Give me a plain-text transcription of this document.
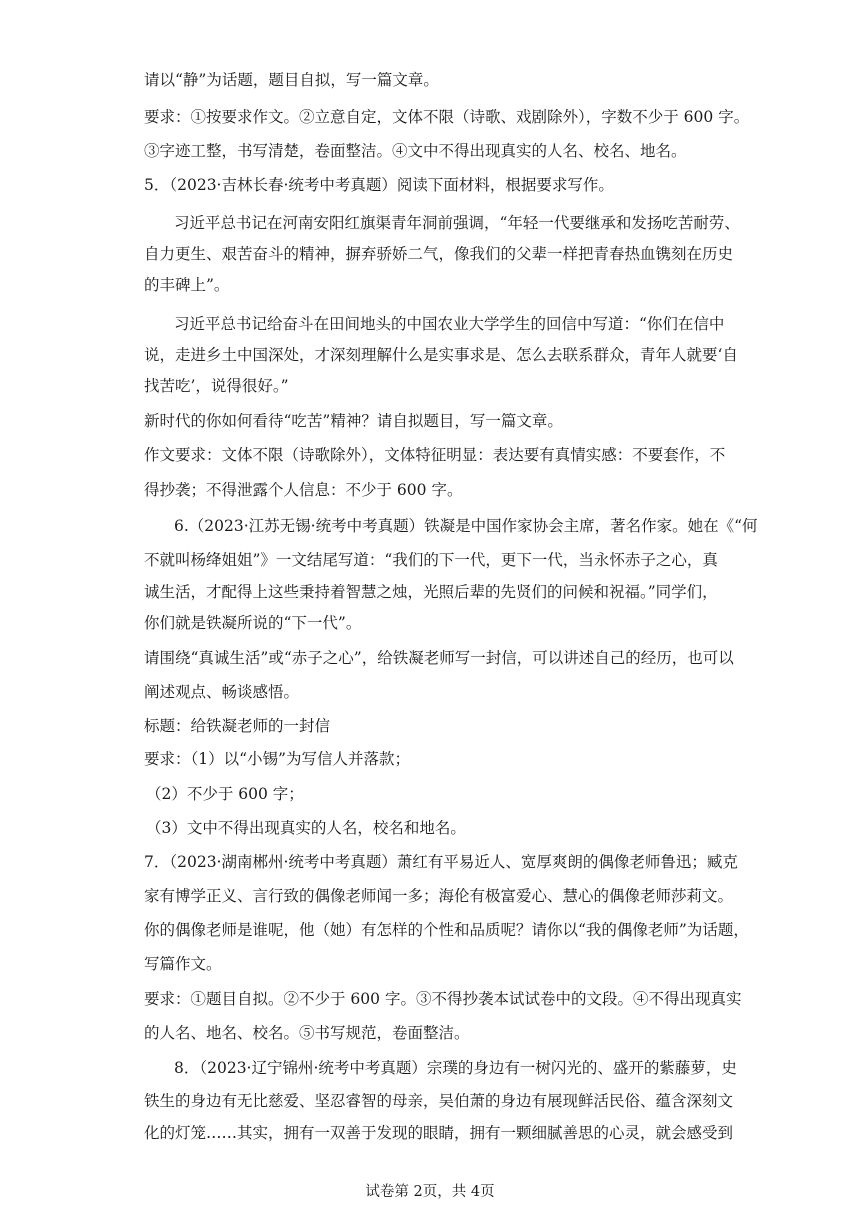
请以“静”为话题，题目自拟，写一篇文章。
要求：①按要求作文。②立意自定，文体不限（诗歌、戏剧除外），字数不少于 600 字。
③字迹工整，书写清楚，卷面整洁。④文中不得出现真实的人名、校名、地名。
5．（2023·吉林长春·统考中考真题）阅读下面材料，根据要求写作。
习近平总书记在河南安阳红旗渠青年洞前强调，“年轻一代要继承和发扬吃苦耐劳、
自力更生、艰苦奋斗的精神，摒弃骄娇二气，像我们的父辈一样把青春热血镌刻在历史
的丰碑上”。
习近平总书记给奋斗在田间地头的中国农业大学学生的回信中写道：“你们在信中
说，走进乡土中国深处，才深刻理解什么是实事求是、怎么去联系群众，青年人就要‘自
找苦吃’，说得很好。”
新时代的你如何看待“吃苦”精神？请自拟题目，写一篇文章。
作文要求：文体不限（诗歌除外），文体特征明显：表达要有真情实感：不要套作，不
得抄袭；不得泄露个人信息：不少于 600 字。
6.（2023·江苏无锡·统考中考真题）铁凝是中国作家协会主席，著名作家。她在《“何
不就叫杨绛姐姐”》一文结尾写道：“我们的下一代，更下一代，当永怀赤子之心，真
诚生活，才配得上这些秉持着智慧之烛，光照后辈的先贤们的问候和祝福。”同学们，
你们就是铁凝所说的“下一代”。
请围绕“真诚生活”或“赤子之心”，给铁凝老师写一封信，可以讲述自己的经历，也可以
阐述观点、畅谈感悟。
标题：给铁凝老师的一封信
要求：（1）以“小锡”为写信人并落款；
（2）不少于 600 字；
（3）文中不得出现真实的人名，校名和地名。
7．（2023·湖南郴州·统考中考真题）萧红有平易近人、宽厚爽朗的偶像老师鲁迅；臧克
家有博学正义、言行致的偶像老师闻一多；海伦有极富爱心、慧心的偶像老师莎莉文。
你的偶像老师是谁呢，他（她）有怎样的个性和品质呢？请你以“我的偶像老师”为话题，
写篇作文。
要求：①题目自拟。②不少于 600 字。③不得抄袭本试试卷中的文段。④不得出现真实
的人名、地名、校名。⑤书写规范，卷面整洁。
8．（2023·辽宁锦州·统考中考真题）宗璞的身边有一树闪光的、盛开的紫藤萝，史
铁生的身边有无比慈爱、坚忍睿智的母亲，吴伯萧的身边有展现鲜活民俗、蕴含深刻文
化的灯笼……其实，拥有一双善于发现的眼睛，拥有一颗细腻善思的心灵，就会感受到
试卷第 2页，共 4页
